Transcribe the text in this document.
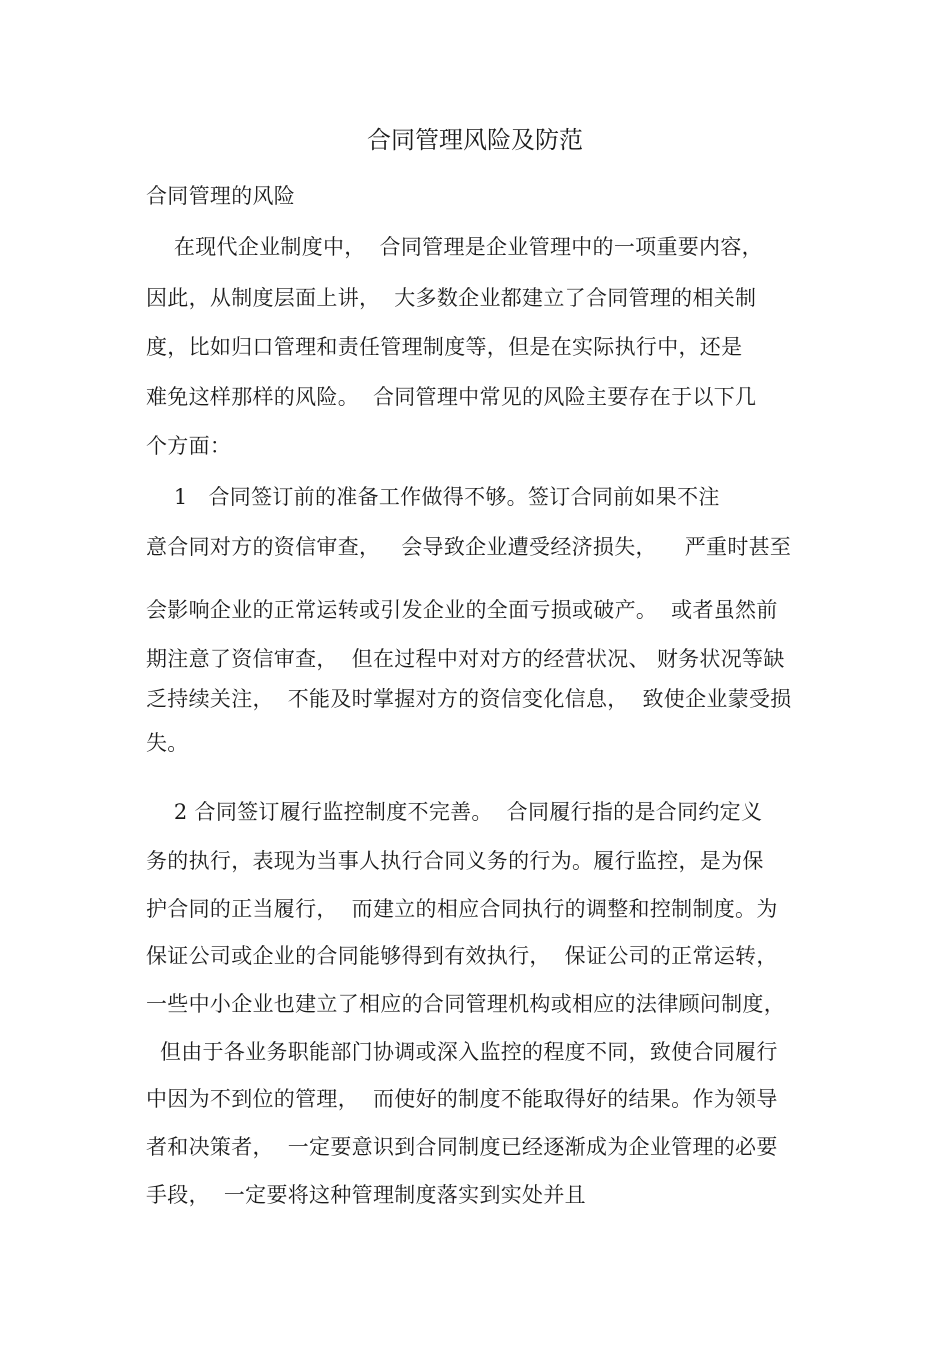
合同管理风险及防范
合同管理的风险
在现代企业制度中，  合同管理是企业管理中的一项重要内容，
因此，从制度层面上讲，  大多数企业都建立了合同管理的相关制
度，比如归口管理和责任管理制度等，但是在实际执行中，还是
难免这样那样的风险。  合同管理中常见的风险主要存在于以下几
个方面：
1   合同签订前的准备工作做得不够。签订合同前如果不注
意合同对方的资信审查，   会导致企业遭受经济损失，    严重时甚至
会影响企业的正常运转或引发企业的全面亏损或破产。  或者虽然前
期注意了资信审查，  但在过程中对对方的经营状况、 财务状况等缺
乏持续关注，  不能及时掌握对方的资信变化信息，  致使企业蒙受损
失。
2 合同签订履行监控制度不完善。  合同履行指的是合同约定义
务的执行，表现为当事人执行合同义务的行为。履行监控，是为保
护合同的正当履行，  而建立的相应合同执行的调整和控制制度。为
保证公司或企业的合同能够得到有效执行，  保证公司的正常运转，
一些中小企业也建立了相应的合同管理机构或相应的法律顾问制度，
但由于各业务职能部门协调或深入监控的程度不同，致使合同履行
中因为不到位的管理，  而使好的制度不能取得好的结果。作为领导
者和决策者，  一定要意识到合同制度已经逐渐成为企业管理的必要
手段，  一定要将这种管理制度落实到实处并且
